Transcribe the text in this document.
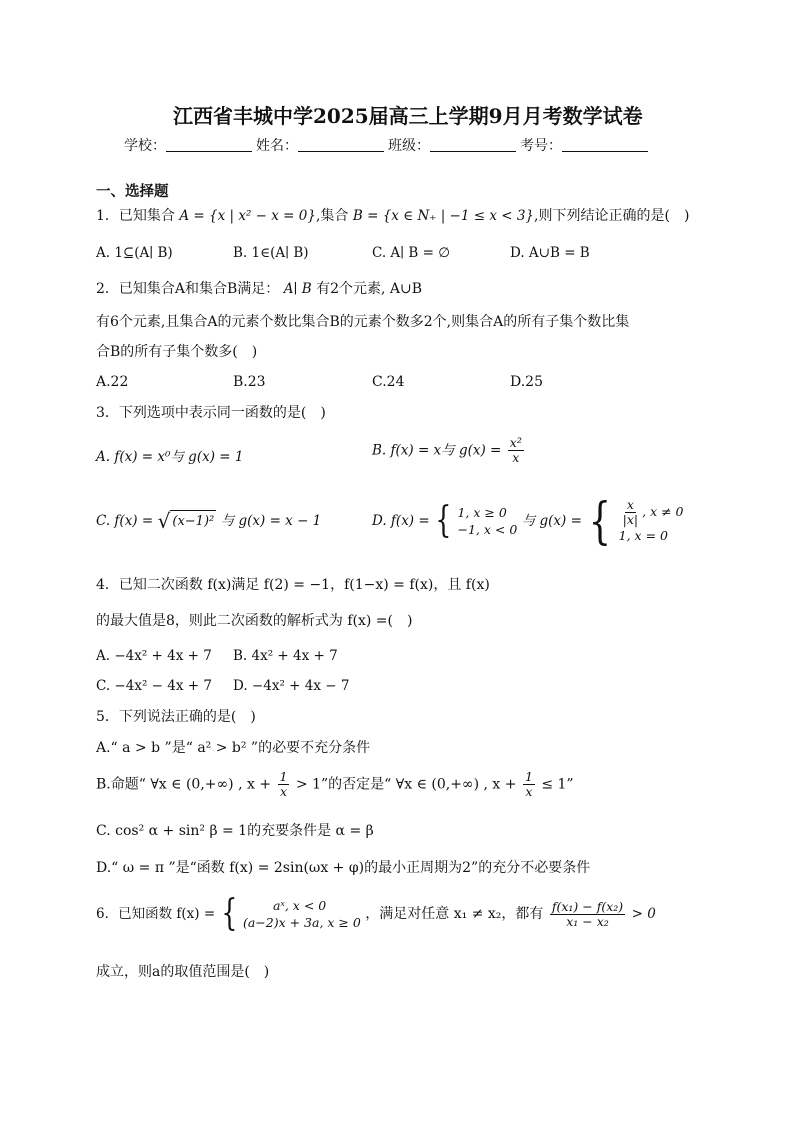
江西省丰城中学2025届高三上学期9月月考数学试卷
学校：	姓名：	班级：	考号：
一、选择题
1．已知集合 A = {x | x² − x = 0},集合 B = {x ∈ N₊ | −1 ≤ x < 3},则下列结论正确的是(　)
A. 1⊆(A∣ B)	B. 1∈(A∣ B)	C. A∣ B = ∅	D. A∪B = B
2．已知集合A和集合B满足： A∣ B 有2个元素, A∪B
有6个元素,且集合A的元素个数比集合B的元素个数多2个,则集合A的所有子集个数比集
合B的所有子集个数多(　)
A.22	B.23	C.24	D.25
3．下列选项中表示同一函数的是(　)
A. f(x) = x⁰与 g(x) = 1	B. f(x) = x与 $g(x) = \frac{\text{x²}}{x}$
C. f(x) = √ (x−1)² 与 g(x) = x − 1	D. f(x) = { 1, x ≥ 0
−1, x < 0
与 g(x) = { $\frac{x}{|x|}$ , x ≠ 0
1, x = 0
4．已知二次函数 f(x)满足 f(2) = −1，f(1−x) = f(x)，且 f(x)
的最大值是8，则此二次函数的解析式为 f(x) =(　)
A. −4x² + 4x + 7 B. 4x² + 4x + 7
C. −4x² − 4x + 7 D. −4x² + 4x − 7
5．下列说法正确的是(　)
A.“ a > b ”是“ a² > b² ”的必要不充分条件
B.命题“ ∀x ∈ (0,+∞) , $x + \frac{1}{x} > 1$”的否定是“ ∀x ∈ (0,+∞) , $x + \frac{1}{x} \le 1$”
C. cos² α + sin² β = 1的充要条件是 α = β
D.“ ω = π ”是“函数 f(x) = 2sin(ωx + φ)的最小正周期为2”的充分不必要条件
6．已知函数 f(x) = {	aˣ, x < 0
(a−2)x + 3a, x ≥ 0
，满足对任意 x₁ ≠ x₂，都有 $\frac{\text{f(x₁) − f(x₂)}}{\text{x₁ − x₂}} > 0$
成立，则a的取值范围是(　)
